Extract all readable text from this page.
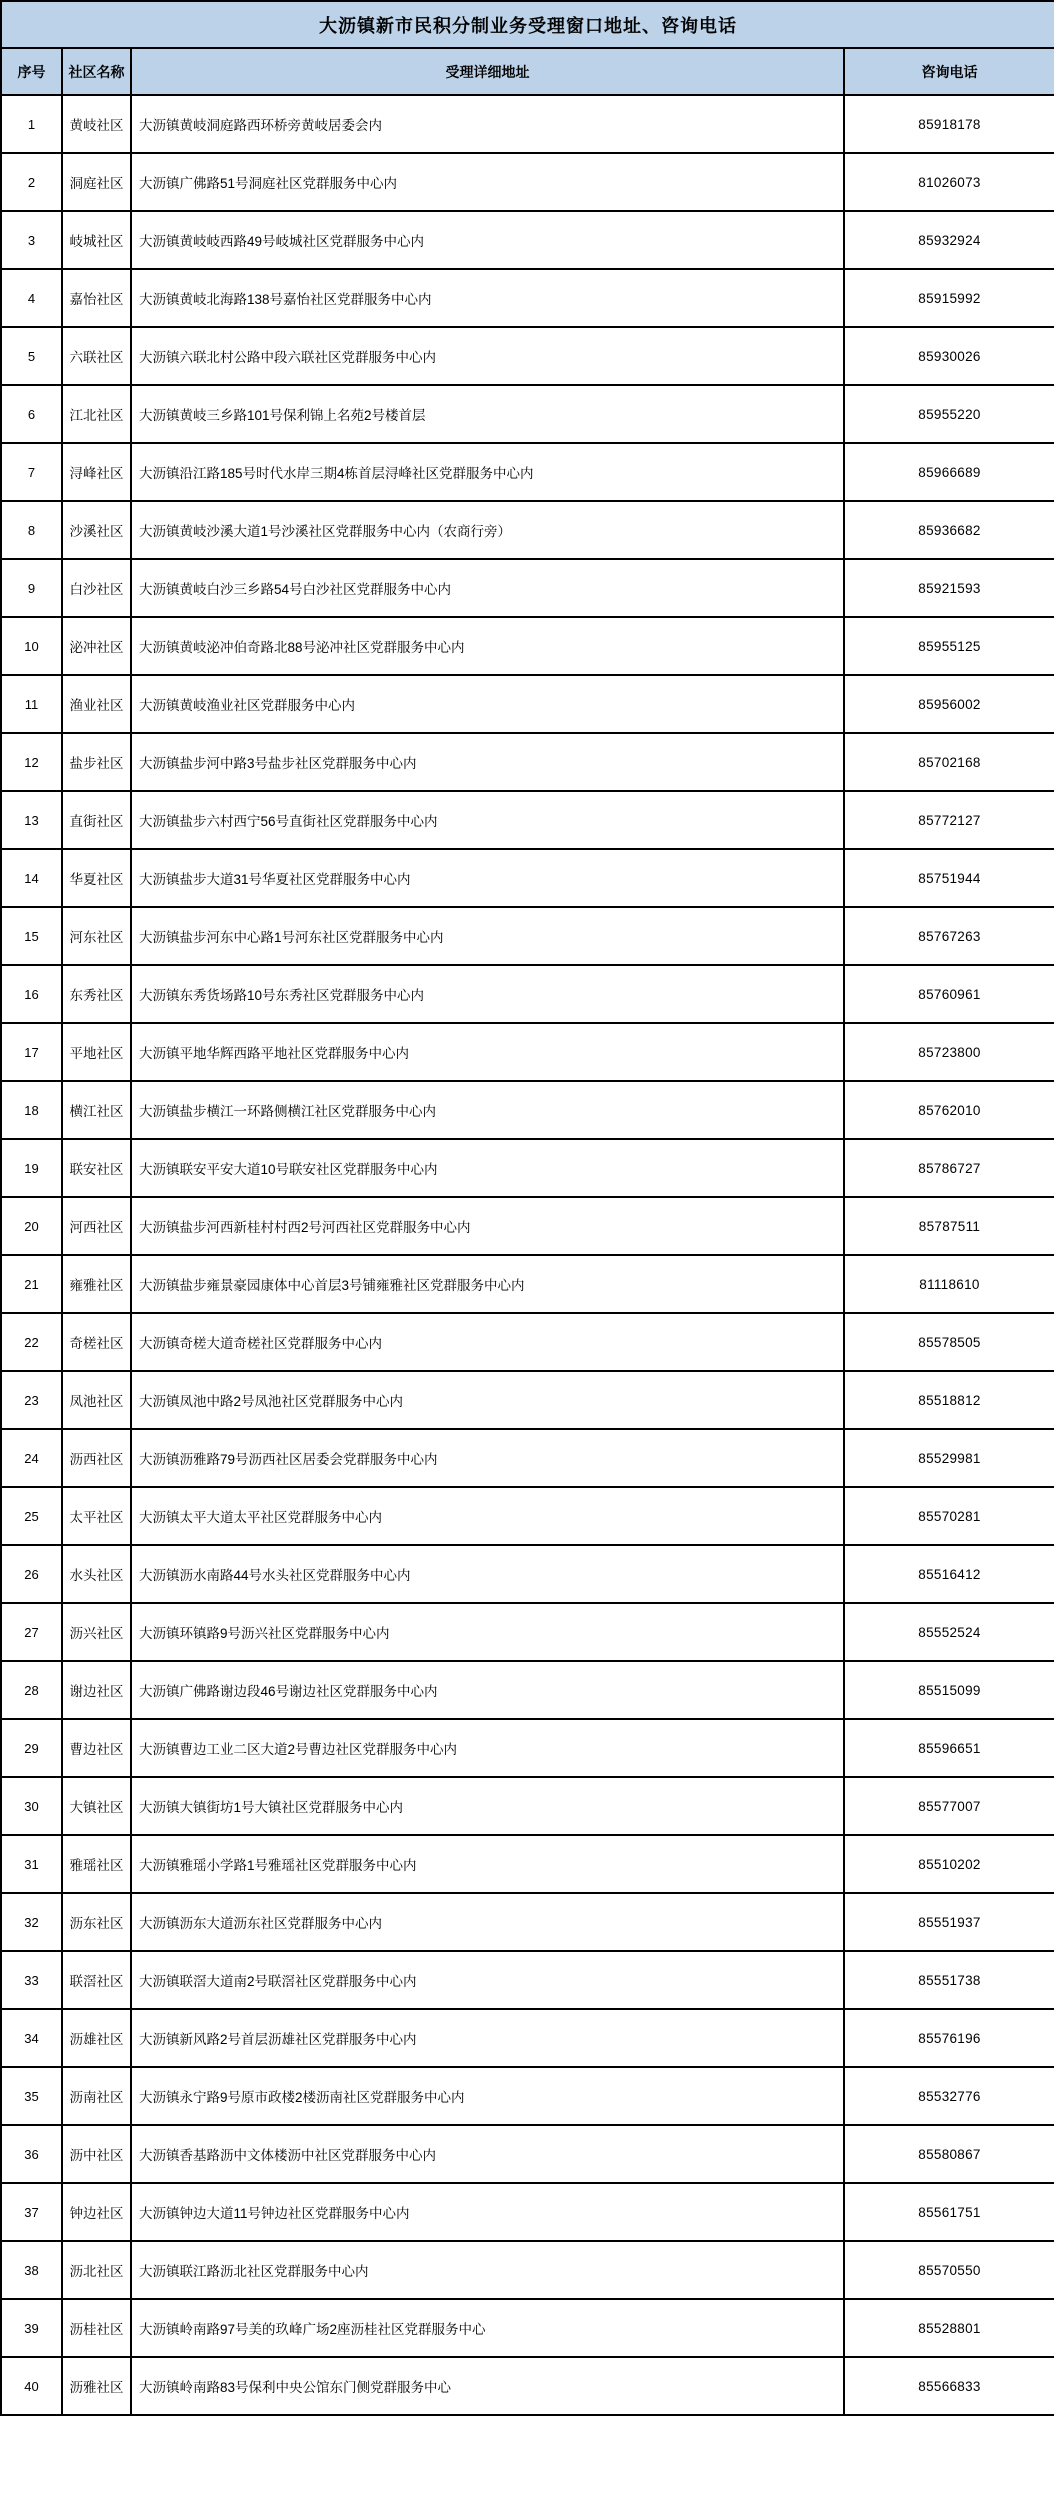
大沥镇新市民积分制业务受理窗口地址、咨询电话			
序号	社区名称	受理详细地址	咨询电话
1	黄岐社区	大沥镇黄岐洞庭路西环桥旁黄岐居委会内	85918178
2	洞庭社区	大沥镇广佛路51号洞庭社区党群服务中心内	81026073
3	岐城社区	大沥镇黄岐岐西路49号岐城社区党群服务中心内	85932924
4	嘉怡社区	大沥镇黄岐北海路138号嘉怡社区党群服务中心内	85915992
5	六联社区	大沥镇六联北村公路中段六联社区党群服务中心内	85930026
6	江北社区	大沥镇黄岐三乡路101号保利锦上名苑2号楼首层	85955220
7	浔峰社区	大沥镇沿江路185号时代水岸三期4栋首层浔峰社区党群服务中心内	85966689
8	沙溪社区	大沥镇黄岐沙溪大道1号沙溪社区党群服务中心内（农商行旁）	85936682
9	白沙社区	大沥镇黄岐白沙三乡路54号白沙社区党群服务中心内	85921593
10	泌冲社区	大沥镇黄岐泌冲伯奇路北88号泌冲社区党群服务中心内	85955125
11	渔业社区	大沥镇黄岐渔业社区党群服务中心内	85956002
12	盐步社区	大沥镇盐步河中路3号盐步社区党群服务中心内	85702168
13	直街社区	大沥镇盐步六村西宁56号直街社区党群服务中心内	85772127
14	华夏社区	大沥镇盐步大道31号华夏社区党群服务中心内	85751944
15	河东社区	大沥镇盐步河东中心路1号河东社区党群服务中心内	85767263
16	东秀社区	大沥镇东秀货场路10号东秀社区党群服务中心内	85760961
17	平地社区	大沥镇平地华辉西路平地社区党群服务中心内	85723800
18	横江社区	大沥镇盐步横江一环路侧横江社区党群服务中心内	85762010
19	联安社区	大沥镇联安平安大道10号联安社区党群服务中心内	85786727
20	河西社区	大沥镇盐步河西新桂村村西2号河西社区党群服务中心内	85787511
21	雍雅社区	大沥镇盐步雍景豪园康体中心首层3号铺雍雅社区党群服务中心内	81118610
22	奇槎社区	大沥镇奇槎大道奇槎社区党群服务中心内	85578505
23	凤池社区	大沥镇凤池中路2号凤池社区党群服务中心内	85518812
24	沥西社区	大沥镇沥雅路79号沥西社区居委会党群服务中心内	85529981
25	太平社区	大沥镇太平大道太平社区党群服务中心内	85570281
26	水头社区	大沥镇沥水南路44号水头社区党群服务中心内	85516412
27	沥兴社区	大沥镇环镇路9号沥兴社区党群服务中心内	85552524
28	谢边社区	大沥镇广佛路谢边段46号谢边社区党群服务中心内	85515099
29	曹边社区	大沥镇曹边工业二区大道2号曹边社区党群服务中心内	85596651
30	大镇社区	大沥镇大镇街坊1号大镇社区党群服务中心内	85577007
31	雅瑶社区	大沥镇雅瑶小学路1号雅瑶社区党群服务中心内	85510202
32	沥东社区	大沥镇沥东大道沥东社区党群服务中心内	85551937
33	联滘社区	大沥镇联滘大道南2号联滘社区党群服务中心内	85551738
34	沥雄社区	大沥镇新风路2号首层沥雄社区党群服务中心内	85576196
35	沥南社区	大沥镇永宁路9号原市政楼2楼沥南社区党群服务中心内	85532776
36	沥中社区	大沥镇香基路沥中文体楼沥中社区党群服务中心内	85580867
37	钟边社区	大沥镇钟边大道11号钟边社区党群服务中心内	85561751
38	沥北社区	大沥镇联江路沥北社区党群服务中心内	85570550
39	沥桂社区	大沥镇岭南路97号美的玖峰广场2座沥桂社区党群服务中心	85528801
40	沥雅社区	大沥镇岭南路83号保利中央公馆东门侧党群服务中心	85566833
